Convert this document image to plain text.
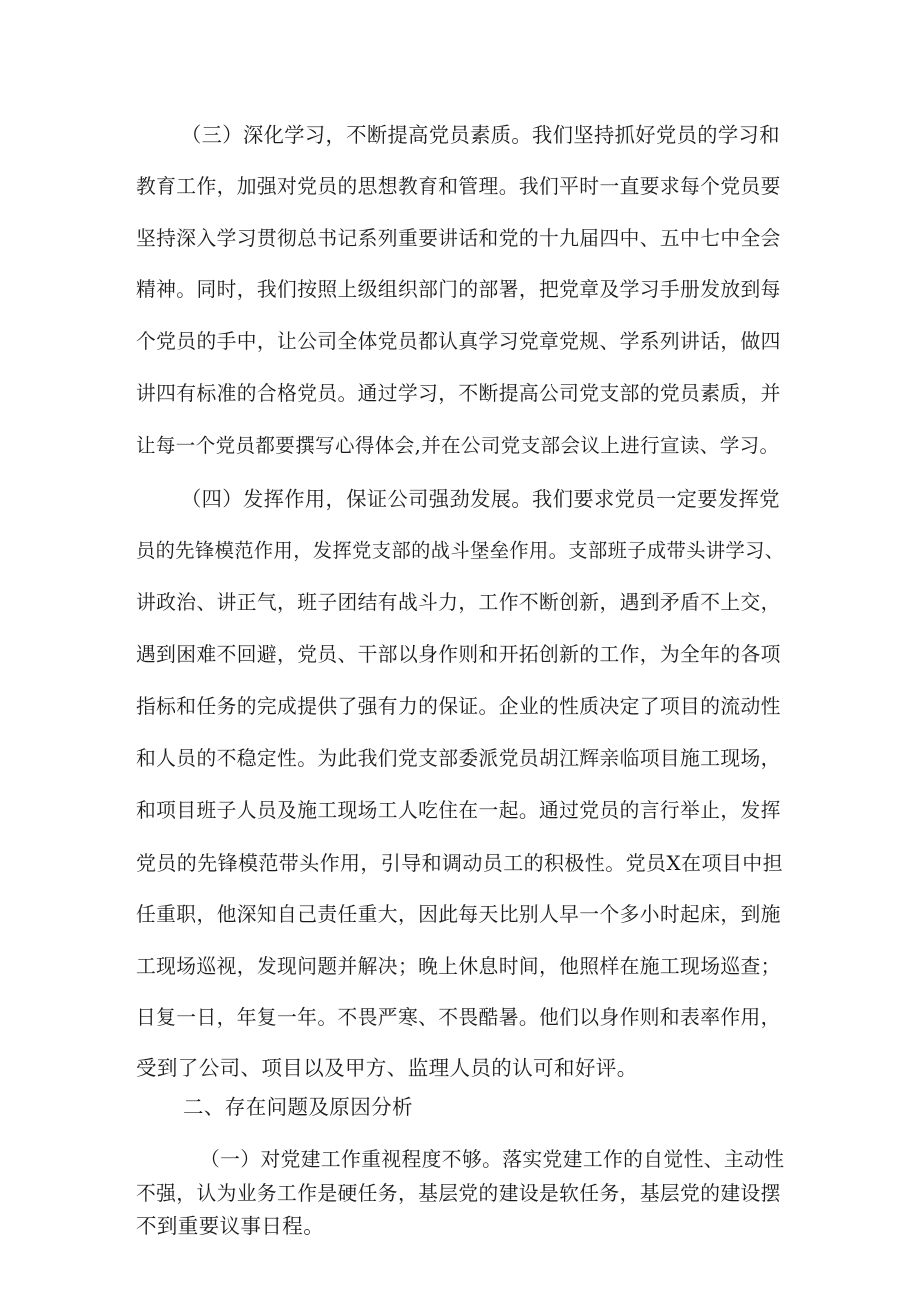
（三）深化学习，不断提高党员素质。我们坚持抓好党员的学习和
教育工作，加强对党员的思想教育和管理。我们平时一直要求每个党员要
坚持深入学习贯彻总书记系列重要讲话和党的十九届四中、五中七中全会
精神。同时，我们按照上级组织部门的部署，把党章及学习手册发放到每
个党员的手中，让公司全体党员都认真学习党章党规、学系列讲话，做四
讲四有标准的合格党员。通过学习，不断提高公司党支部的党员素质，并
让每一个党员都要撰写心得体会,并在公司党支部会议上进行宣读、学习。
（四）发挥作用，保证公司强劲发展。我们要求党员一定要发挥党
员的先锋模范作用，发挥党支部的战斗堡垒作用。支部班子成带头讲学习、
讲政治、讲正气，班子团结有战斗力，工作不断创新，遇到矛盾不上交，
遇到困难不回避，党员、干部以身作则和开拓创新的工作，为全年的各项
指标和任务的完成提供了强有力的保证。企业的性质决定了项目的流动性
和人员的不稳定性。为此我们党支部委派党员胡江辉亲临项目施工现场，
和项目班子人员及施工现场工人吃住在一起。通过党员的言行举止，发挥
党员的先锋模范带头作用，引导和调动员工的积极性。党员X在项目中担
任重职，他深知自己责任重大，因此每天比别人早一个多小时起床，到施
工现场巡视，发现问题并解决；晚上休息时间，他照样在施工现场巡查；
日复一日，年复一年。不畏严寒、不畏酷暑。他们以身作则和表率作用，
受到了公司、项目以及甲方、监理人员的认可和好评。
二、存在问题及原因分析
（一）对党建工作重视程度不够。落实党建工作的自觉性、主动性
不强，认为业务工作是硬任务，基层党的建设是软任务，基层党的建设摆
不到重要议事日程。
